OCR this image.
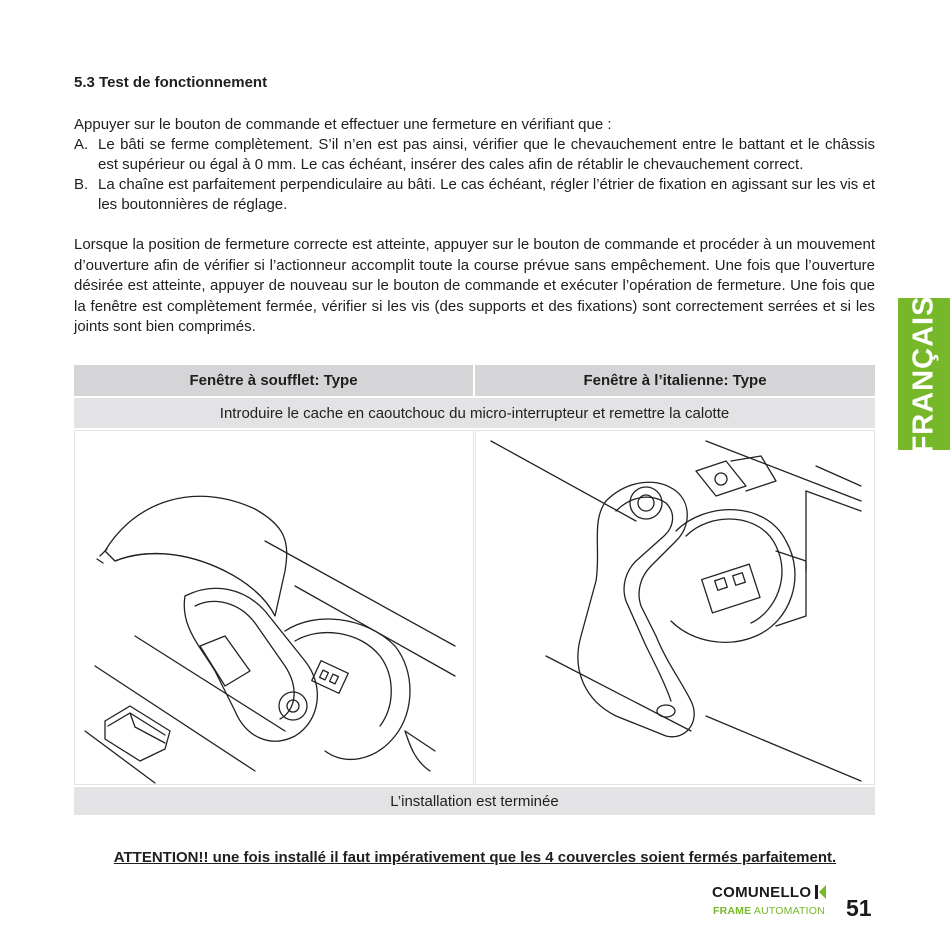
5.3 Test de fonctionnement

Appuyer sur le bouton de commande et effectuer une fermeture en vérifiant que :

A. Le bâti se ferme complètement. S’il n’en est pas ainsi, vérifier que le chevauchement entre le battant et le châssis est supérieur ou égal à 0 mm. Le cas échéant, insérer des cales afin de rétablir le chevauchement correct.
B. La chaîne est parfaitement perpendiculaire au bâti. Le cas échéant, régler l’étrier de fixation en agissant sur les vis et les boutonnières de réglage.

Lorsque la position de fermeture correcte est atteinte, appuyer sur le bouton de commande et procéder à un mouvement d’ouverture afin de vérifier si l’actionneur accomplit toute la course prévue sans empêchement. Une fois que l’ouverture désirée est atteinte, appuyer de nouveau sur le bouton de commande et exécuter l’opération de fermeture. Une fois que la fenêtre est complètement fermée, vérifier si les vis (des supports et des fixations) sont correctement serrées et si les joints sont bien comprimés.	FRANÇAIS
Fenêtre à soufflet: Type	Fenêtre à l’italienne: Type
Introduire le cache en caoutchouc du micro-interrupteur et remettre la calotte
L’installation est terminée

ATTENTION!! une fois installé il faut impérativement que les 4 couvercles soient fermés parfaitement.

COMUNELLO
FRAME AUTOMATION 51
